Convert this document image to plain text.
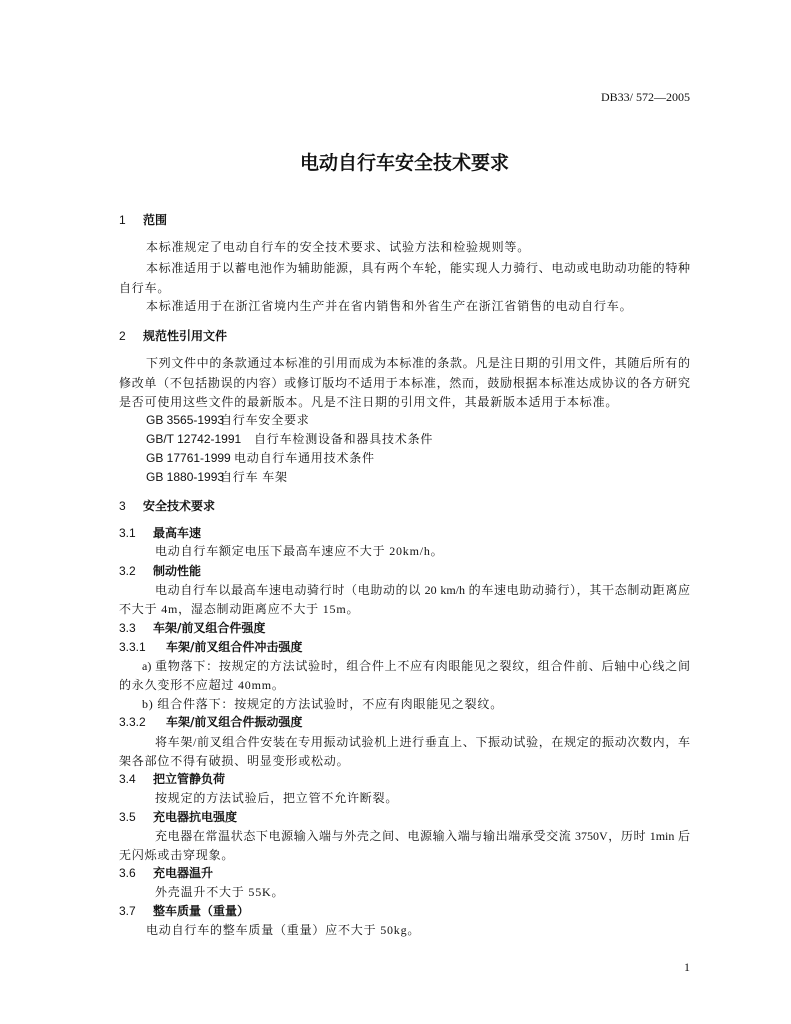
DB33/ 572—2005
电动自行车安全技术要求
1 范围
本标准规定了电动自行车的安全技术要求、试验方法和检验规则等。
本标准适用于以蓄电池作为辅助能源，具有两个车轮，能实现人力骑行、电动或电助动功能的特种
自行车。
本标准适用于在浙江省境内生产并在省内销售和外省生产在浙江省销售的电动自行车。
2 规范性引用文件
下列文件中的条款通过本标准的引用而成为本标准的条款。凡是注日期的引用文件，其随后所有的
修改单（不包括勘误的内容）或修订版均不适用于本标准，然而，鼓励根据本标准达成协议的各方研究
是否可使用这些文件的最新版本。凡是不注日期的引用文件，其最新版本适用于本标准。
GB 3565-1993
自行车安全要求
GB/T 12742-1991 自行车检测设备和器具技术条件
GB 17761-1999 电动自行车通用技术条件
GB 1880-1993
自行车 车架
3 安全技术要求
3.1 最高车速
电动自行车额定电压下最高车速应不大于 20km/h。
3.2 制动性能
电动自行车以最高车速电动骑行时（电助动的以 20 km/h 的车速电助动骑行），其干态制动距离应
不大于 4m，湿态制动距离应不大于 15m。
3.3 车架/前叉组合件强度
3.3.1 车架/前叉组合件冲击强度
a) 重物落下：按规定的方法试验时，组合件上不应有肉眼能见之裂纹，组合件前、后轴中心线之间
的永久变形不应超过 40mm。
b) 组合件落下：按规定的方法试验时，不应有肉眼能见之裂纹。
3.3.2 车架/前叉组合件振动强度
将车架/前叉组合件安装在专用振动试验机上进行垂直上、下振动试验，在规定的振动次数内，车
架各部位不得有破损、明显变形或松动。
3.4 把立管静负荷
按规定的方法试验后，把立管不允许断裂。
3.5 充电器抗电强度
充电器在常温状态下电源输入端与外壳之间、电源输入端与输出端承受交流 3750V，历时 1min 后
无闪烁或击穿现象。
3.6 充电器温升
外壳温升不大于 55K。
3.7 整车质量（重量）
电动自行车的整车质量（重量）应不大于 50kg。
1
